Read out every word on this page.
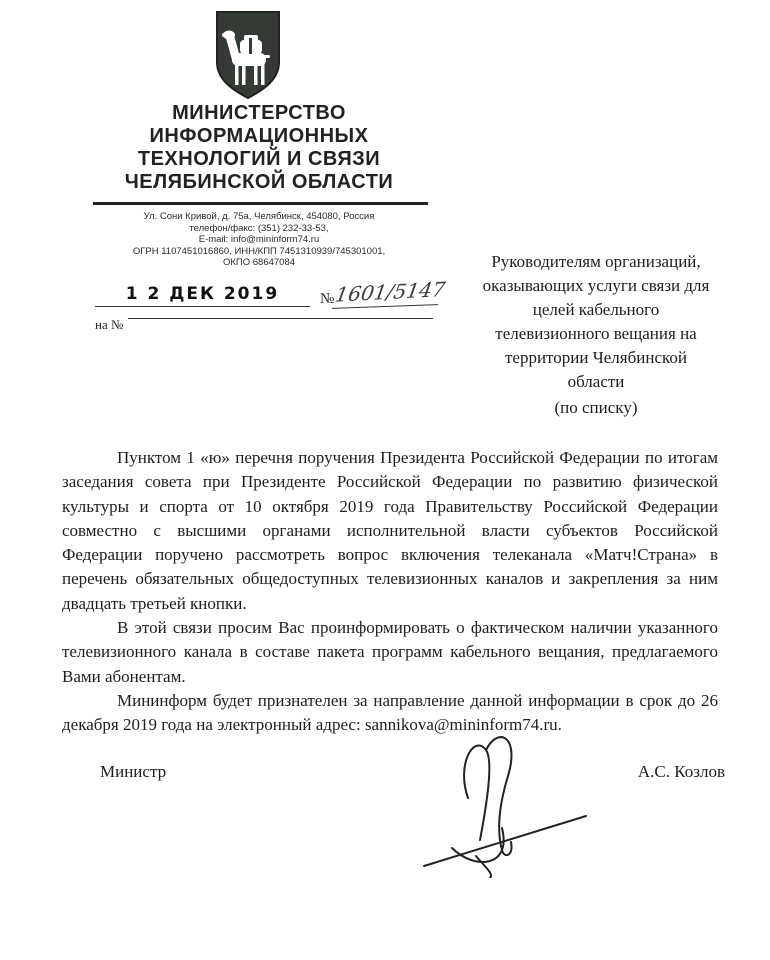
МИНИСТЕРСТВО
ИНФОРМАЦИОННЫХ
ТЕХНОЛОГИЙ И СВЯЗИ
ЧЕЛЯБИНСКОЙ ОБЛАСТИ
Ул. Сони Кривой, д. 75а, Челябинск, 454080, Россия
телефон/факс: (351) 232-33-53,
E-mail: info@mininform74.ru
ОГРН 1107451016860, ИНН/КПП 7451310939/745301001,
ОКПО 68647084
1 2 ДЕК 2019	№ 1601/5147
на №
Руководителям организаций,
оказывающих услуги связи для
целей кабельного
телевизионного вещания на
территории Челябинской
области
(по списку)

Пунктом 1 «ю» перечня поручения Президента Российской Федерации по итогам заседания совета при Президенте Российской Федерации по развитию физической культуры и спорта от 10 октября 2019 года Правительству Российской Федерации совместно с высшими органами исполнительной власти субъектов Российской Федерации поручено рассмотреть вопрос включения телеканала «Матч!Страна» в перечень обязательных общедоступных телевизионных каналов и закрепления за ним двадцать третьей кнопки.

В этой связи просим Вас проинформировать о фактическом наличии указанного телевизионного канала в составе пакета программ кабельного вещания, предлагаемого Вами абонентам.

Мининформ будет признателен за направление данной информации в срок до 26 декабря 2019 года на электронный адрес: sannikova@mininform74.ru.

Министр	А.С. Козлов
